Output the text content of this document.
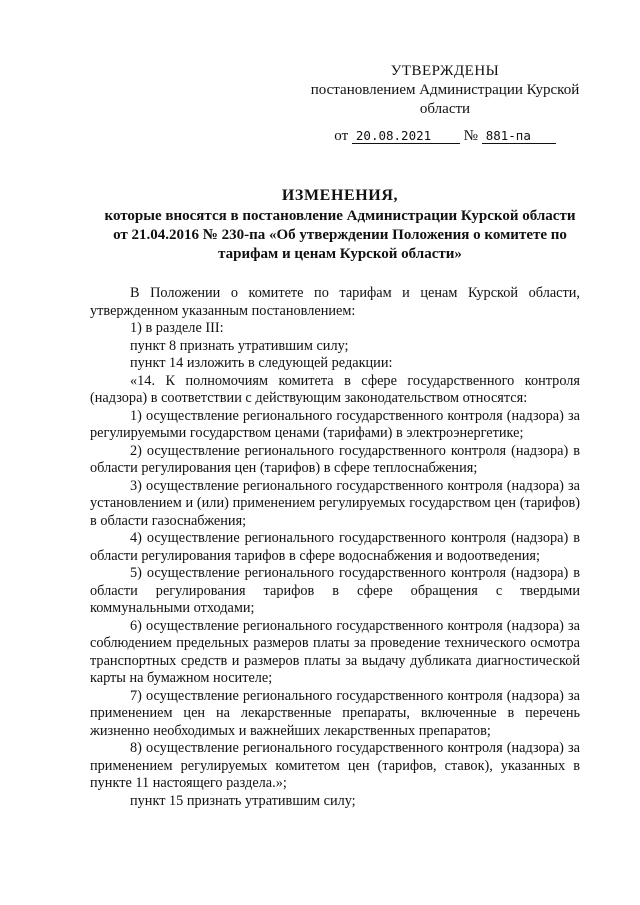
УТВЕРЖДЕНЫ
постановлением Администрации Курской
области
от 20.08.2021 № 881-па
ИЗМЕНЕНИЯ,
которые вносятся в постановление Администрации Курской области
от 21.04.2016 № 230-па «Об утверждении Положения о комитете по
тарифам и ценам Курской области»

В Положении о комитете по тарифам и ценам Курской области, утвержденном указанным постановлением:

1) в разделе III:

пункт 8 признать утратившим силу;

пункт 14 изложить в следующей редакции:

«14. К полномочиям комитета в сфере государственного контроля (надзора) в соответствии с действующим законодательством относятся:

1) осуществление регионального государственного контроля (надзора) за регулируемыми государством ценами (тарифами) в электроэнергетике;

2) осуществление регионального государственного контроля (надзора) в области регулирования цен (тарифов) в сфере теплоснабжения;

3) осуществление регионального государственного контроля (надзора) за установлением и (или) применением регулируемых государством цен (тарифов) в области газоснабжения;

4) осуществление регионального государственного контроля (надзора) в области регулирования тарифов в сфере водоснабжения и водоотведения;

5) осуществление регионального государственного контроля (надзора) в области регулирования тарифов в сфере обращения с твердыми коммунальными отходами;

6) осуществление регионального государственного контроля (надзора) за соблюдением предельных размеров платы за проведение технического осмотра транспортных средств и размеров платы за выдачу дубликата диагностической карты на бумажном носителе;

7) осуществление регионального государственного контроля (надзора) за применением цен на лекарственные препараты, включенные в перечень жизненно необходимых и важнейших лекарственных препаратов;

8) осуществление регионального государственного контроля (надзора) за применением регулируемых комитетом цен (тарифов, ставок), указанных в пункте 11 настоящего раздела.»;

пункт 15 признать утратившим силу;
